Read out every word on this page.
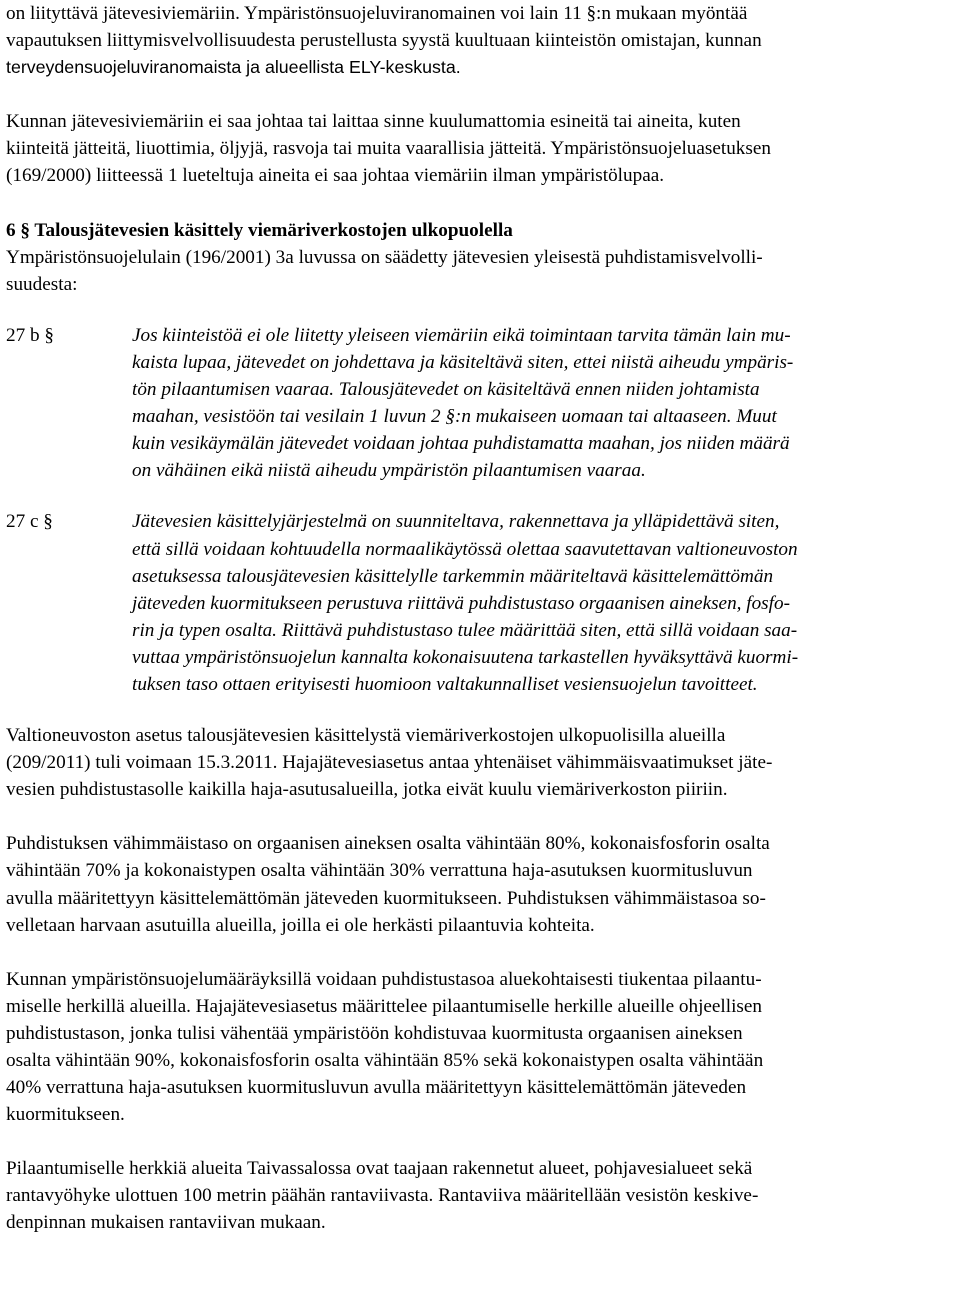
on liityttävä jätevesiviemäriin. Ympäristönsuojeluviranomainen voi lain 11 §:n mukaan myöntää
vapautuksen liittymisvelvollisuudesta perustellusta syystä kuultuaan kiinteistön omistajan, kunnan
terveydensuojeluviranomaista ja alueellista ELY-keskusta.
Kunnan jätevesiviemäriin ei saa johtaa tai laittaa sinne kuulumattomia esineitä tai aineita, kuten
kiinteitä jätteitä, liuottimia, öljyjä, rasvoja tai muita vaarallisia jätteitä. Ympäristönsuojeluasetuksen
(169/2000) liitteessä 1 lueteltuja aineita ei saa johtaa viemäriin ilman ympäristölupaa.
6 § Talousjätevesien käsittely viemäriverkostojen ulkopuolella
Ympäristönsuojelulain (196/2001) 3a luvussa on säädetty jätevesien yleisestä puhdistamisvelvolli-
suudesta:
27 b §	Jos kiinteistöä ei ole liitetty yleiseen viemäriin eikä toimintaan tarvita tämän lain mu-
kaista lupaa, jätevedet on johdettava ja käsiteltävä siten, ettei niistä aiheudu ympäris-
tön pilaantumisen vaaraa. Talousjätevedet on käsiteltävä ennen niiden johtamista
maahan, vesistöön tai vesilain 1 luvun 2 §:n mukaiseen uomaan tai altaaseen. Muut
kuin vesikäymälän jätevedet voidaan johtaa puhdistamatta maahan, jos niiden määrä
on vähäinen eikä niistä aiheudu ympäristön pilaantumisen vaaraa.
27 c §	Jätevesien käsittelyjärjestelmä on suunniteltava, rakennettava ja ylläpidettävä siten,
että sillä voidaan kohtuudella normaalikäytössä olettaa saavutettavan valtioneuvoston
asetuksessa talousjätevesien käsittelylle tarkemmin määriteltavä käsittelemättömän
jäteveden kuormitukseen perustuva riittävä puhdistustaso orgaanisen aineksen, fosfo-
rin ja typen osalta. Riittävä puhdistustaso tulee määrittää siten, että sillä voidaan saa-
vuttaa ympäristönsuojelun kannalta kokonaisuutena tarkastellen hyväksyttävä kuormi-
tuksen taso ottaen erityisesti huomioon valtakunnalliset vesiensuojelun tavoitteet.
Valtioneuvoston asetus talousjätevesien käsittelystä viemäriverkostojen ulkopuolisilla alueilla
(209/2011) tuli voimaan 15.3.2011. Hajajätevesiasetus antaa yhtenäiset vähimmäisvaatimukset jäte-
vesien puhdistustasolle kaikilla haja-asutusalueilla, jotka eivät kuulu viemäriverkoston piiriin.
Puhdistuksen vähimmäistaso on orgaanisen aineksen osalta vähintään 80%, kokonaisfosforin osalta
vähintään 70% ja kokonaistypen osalta vähintään 30% verrattuna haja-asutuksen kuormitusluvun
avulla määritettyyn käsittelemättömän jäteveden kuormitukseen. Puhdistuksen vähimmäistasoa so-
velletaan harvaan asutuilla alueilla, joilla ei ole herkästi pilaantuvia kohteita.
Kunnan ympäristönsuojelumääräyksillä voidaan puhdistustasoa aluekohtaisesti tiukentaa pilaantu-
miselle herkillä alueilla. Hajajätevesiasetus määrittelee pilaantumiselle herkille alueille ohjeellisen
puhdistustason, jonka tulisi vähentää ympäristöön kohdistuvaa kuormitusta orgaanisen aineksen
osalta vähintään 90%, kokonaisfosforin osalta vähintään 85% sekä kokonaistypen osalta vähintään
40% verrattuna haja-asutuksen kuormitusluvun avulla määritettyyn käsittelemättömän jäteveden
kuormitukseen.
Pilaantumiselle herkkiä alueita Taivassalossa ovat taajaan rakennetut alueet, pohjavesialueet sekä
rantavyöhyke ulottuen 100 metrin päähän rantaviivasta. Rantaviiva määritellään vesistön keskive-
denpinnan mukaisen rantaviivan mukaan.
